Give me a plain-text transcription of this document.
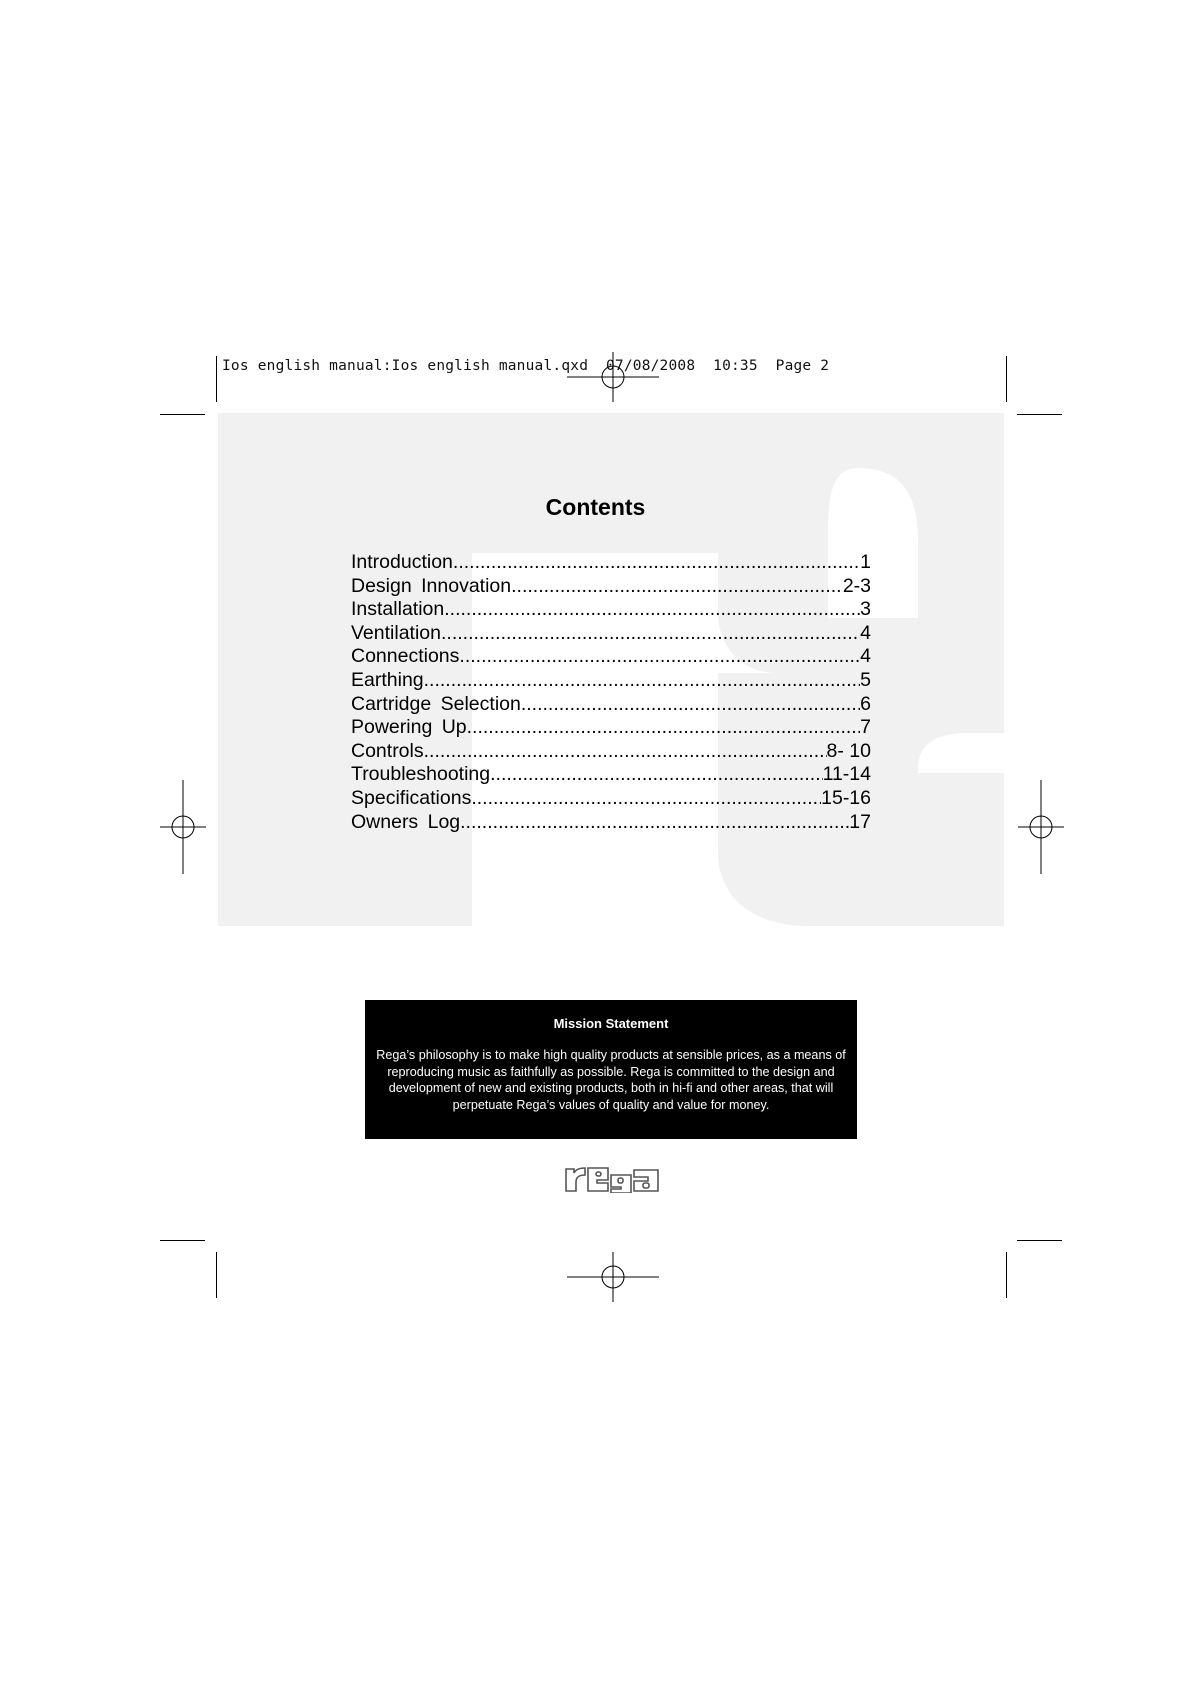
Ios english manual:Ios english manual.qxd  07/08/2008  10:35  Page 2
Contents
Introduction .....	1
Design Innovation .....	2-3
Installation .....	3
Ventilation .....	4
Connections .....	4
Earthing .....	5
Cartridge Selection .....	6
Powering Up .....	7
Controls .....	8- 10
Troubleshooting .....	11-14
Specifications .....	15-16
Owners Log .....	17
Mission Statement
Rega’s philosophy is to make high quality products at sensible prices, as a means of reproducing music as faithfully as possible. Rega is committed to the design and development of new and existing products, both in hi-fi and other areas, that will perpetuate Rega’s values of quality and value for money.
